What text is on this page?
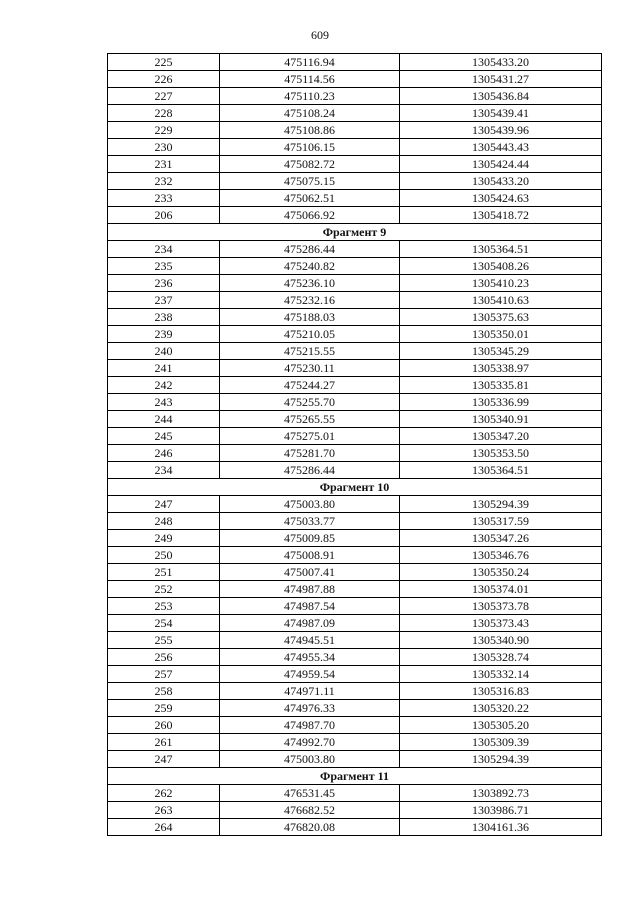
609
225	475116.94	1305433.20
226	475114.56	1305431.27
227	475110.23	1305436.84
228	475108.24	1305439.41
229	475108.86	1305439.96
230	475106.15	1305443.43
231	475082.72	1305424.44
232	475075.15	1305433.20
233	475062.51	1305424.63
206	475066.92	1305418.72
Фрагмент 9		
234	475286.44	1305364.51
235	475240.82	1305408.26
236	475236.10	1305410.23
237	475232.16	1305410.63
238	475188.03	1305375.63
239	475210.05	1305350.01
240	475215.55	1305345.29
241	475230.11	1305338.97
242	475244.27	1305335.81
243	475255.70	1305336.99
244	475265.55	1305340.91
245	475275.01	1305347.20
246	475281.70	1305353.50
234	475286.44	1305364.51
Фрагмент 10		
247	475003.80	1305294.39
248	475033.77	1305317.59
249	475009.85	1305347.26
250	475008.91	1305346.76
251	475007.41	1305350.24
252	474987.88	1305374.01
253	474987.54	1305373.78
254	474987.09	1305373.43
255	474945.51	1305340.90
256	474955.34	1305328.74
257	474959.54	1305332.14
258	474971.11	1305316.83
259	474976.33	1305320.22
260	474987.70	1305305.20
261	474992.70	1305309.39
247	475003.80	1305294.39
Фрагмент 11		
262	476531.45	1303892.73
263	476682.52	1303986.71
264	476820.08	1304161.36
